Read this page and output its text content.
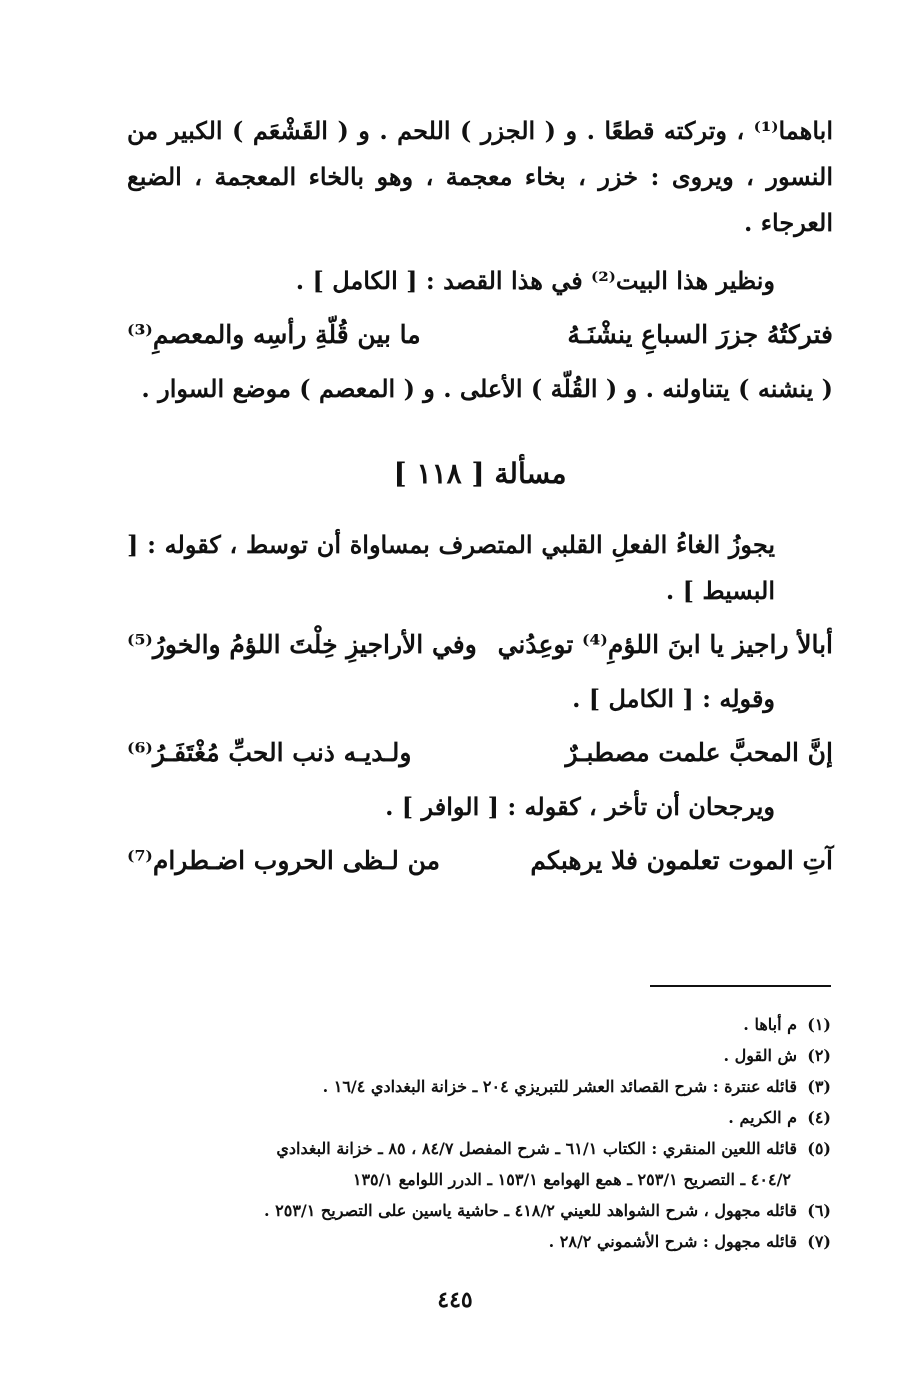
اباهما⁽¹⁾ ، وتركته قطعًا . و ( الجزر ) اللحم . و ( القَشْعَم ) الكبير من النسور ، ويروى : خزر ، بخاء معجمة ، وهو بالخاء المعجمة ، الضبع العرجاء .

ونظير هذا البيت⁽²⁾ في هذا القصد : [ الكامل ] .

فتركتُهُ جزرَ السباعِ ينشْنَـهُ
ما بين قُلّةِ رأسِه والمعصمِ⁽³⁾

( ينشنه ) يتناولنه . و ( القُلّة ) الأعلى . و ( المعصم ) موضع السوار .

مسألة [ ١١٨ ]

يجوزُ الغاءُ الفعلِ القلبي المتصرف بمساواة أن توسط ، كقوله : [ البسيط ] .

أبالأ راجيز يا ابنَ اللؤمِ⁽⁴⁾ توعِدُني
وفي الأراجيزِ خِلْتَ اللؤمُ والخورُ⁽⁵⁾

وقولِه : [ الكامل ] .

إنَّ المحبَّ علمت مصطبـرٌ
ولـديـه ذنب الحبِّ مُغْتَفَـرُ⁽⁶⁾

ويرجحان أن تأخر ، كقوله : [ الوافر ] .

آتِ الموت تعلمون فلا يرهبكم
من لـظى الحروب اضـطرام⁽⁷⁾

(١)م أباها .

(٢)ش القول .

(٣)قائله عنترة : شرح القصائد العشر للتبريزي ٢٠٤ ـ خزانة البغدادي ١٦/٤ .

(٤)م الكريم .

(٥)قائله اللعين المنقري : الكتاب ٦١/١ ـ شرح المفصل ٨٤/٧ ، ٨٥ ـ خزانة البغدادي

٤٠٤/٢ ـ التصريح ٢٥٣/١ ـ همع الهوامع ١٥٣/١ ـ الدرر اللوامع ١٣٥/١

(٦)قائله مجهول ، شرح الشواهد للعيني ٤١٨/٢ ـ حاشية ياسين على التصريح ٢٥٣/١ .

(٧)قائله مجهول : شرح الأشموني ٢٨/٢ .

٤٤٥
